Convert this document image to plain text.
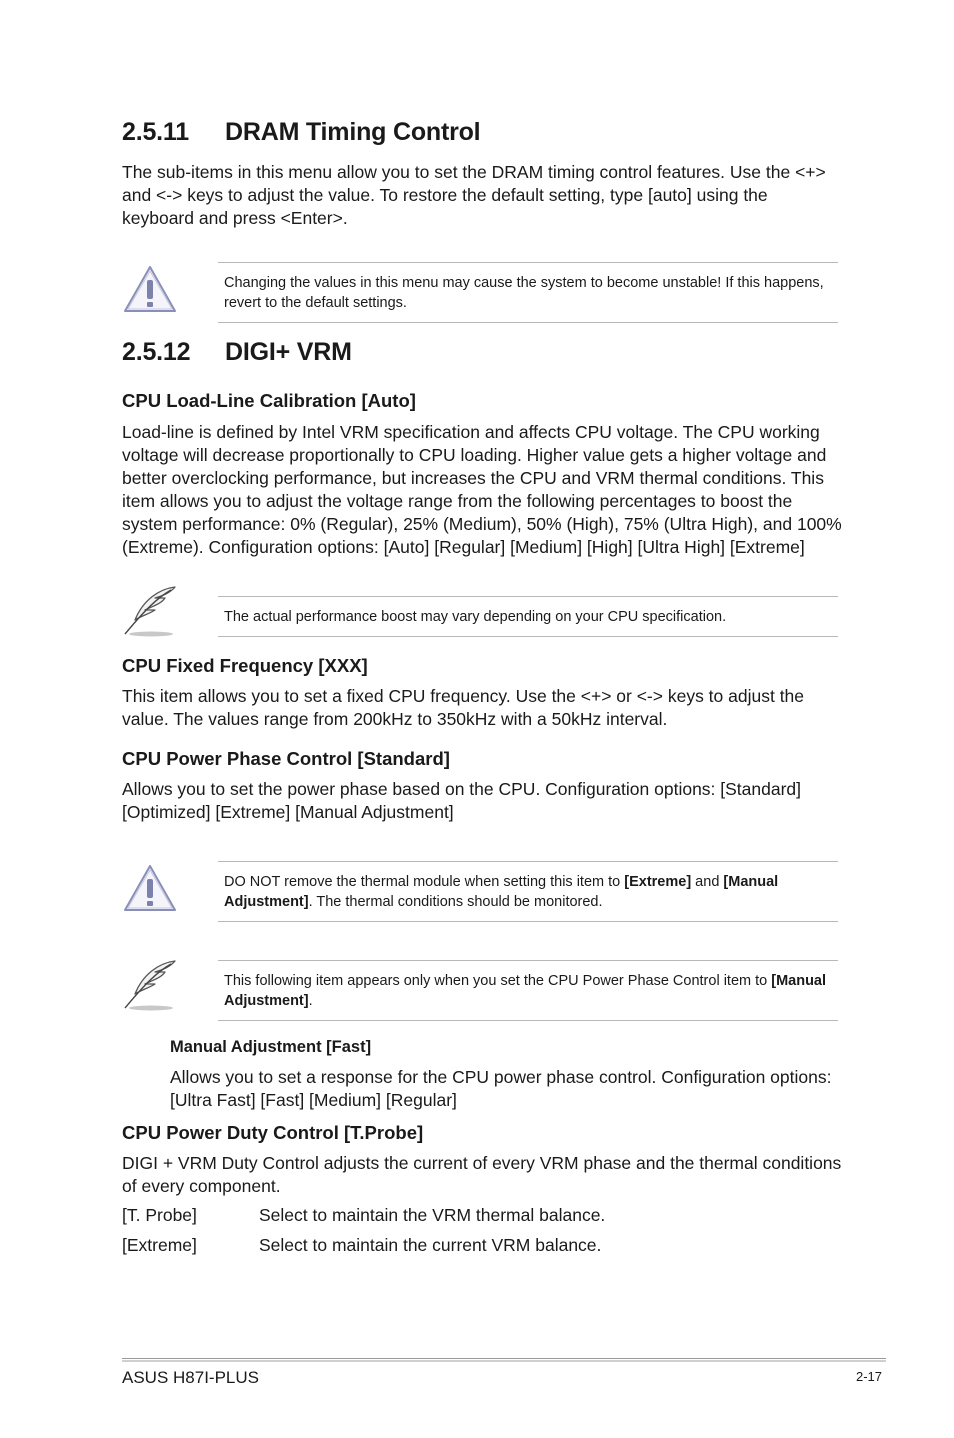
2.5.11 DRAM Timing Control
The sub-items in this menu allow you to set the DRAM timing control features. Use the <+> and <-> keys to adjust the value. To restore the default setting, type [auto] using the keyboard and press <Enter>.
Changing the values in this menu may cause the system to become unstable! If this happens, revert to the default settings.
2.5.12 DIGI+ VRM
CPU Load-Line Calibration [Auto]
Load-line is defined by Intel VRM specification and affects CPU voltage. The CPU working voltage will decrease proportionally to CPU loading. Higher value gets a higher voltage and better overclocking performance, but increases the CPU and VRM thermal conditions. This item allows you to adjust the voltage range from the following percentages to boost the system performance: 0% (Regular), 25% (Medium), 50% (High), 75% (Ultra High), and 100% (Extreme). Configuration options: [Auto] [Regular] [Medium] [High] [Ultra High] [Extreme]
The actual performance boost may vary depending on your CPU specification.
CPU Fixed Frequency [XXX]
This item allows you to set a fixed CPU frequency. Use the <+> or <-> keys to adjust the value. The values range from 200kHz to 350kHz with a 50kHz interval.
CPU Power Phase Control [Standard]
Allows you to set the power phase based on the CPU. Configuration options: [Standard] [Optimized] [Extreme] [Manual Adjustment]
DO NOT remove the thermal module when setting this item to [Extreme] and [Manual Adjustment]. The thermal conditions should be monitored.
This following item appears only when you set the CPU Power Phase Control item to [Manual Adjustment].
Manual Adjustment [Fast]
Allows you to set a response for the CPU power phase control. Configuration options: [Ultra Fast] [Fast] [Medium] [Regular]
CPU Power Duty Control [T.Probe]
DIGI + VRM Duty Control adjusts the current of every VRM phase and the thermal conditions of every component.
[T. Probe]	Select to maintain the VRM thermal balance.
[Extreme]	Select to maintain the current VRM balance.
ASUS H87I-PLUS	2-17
